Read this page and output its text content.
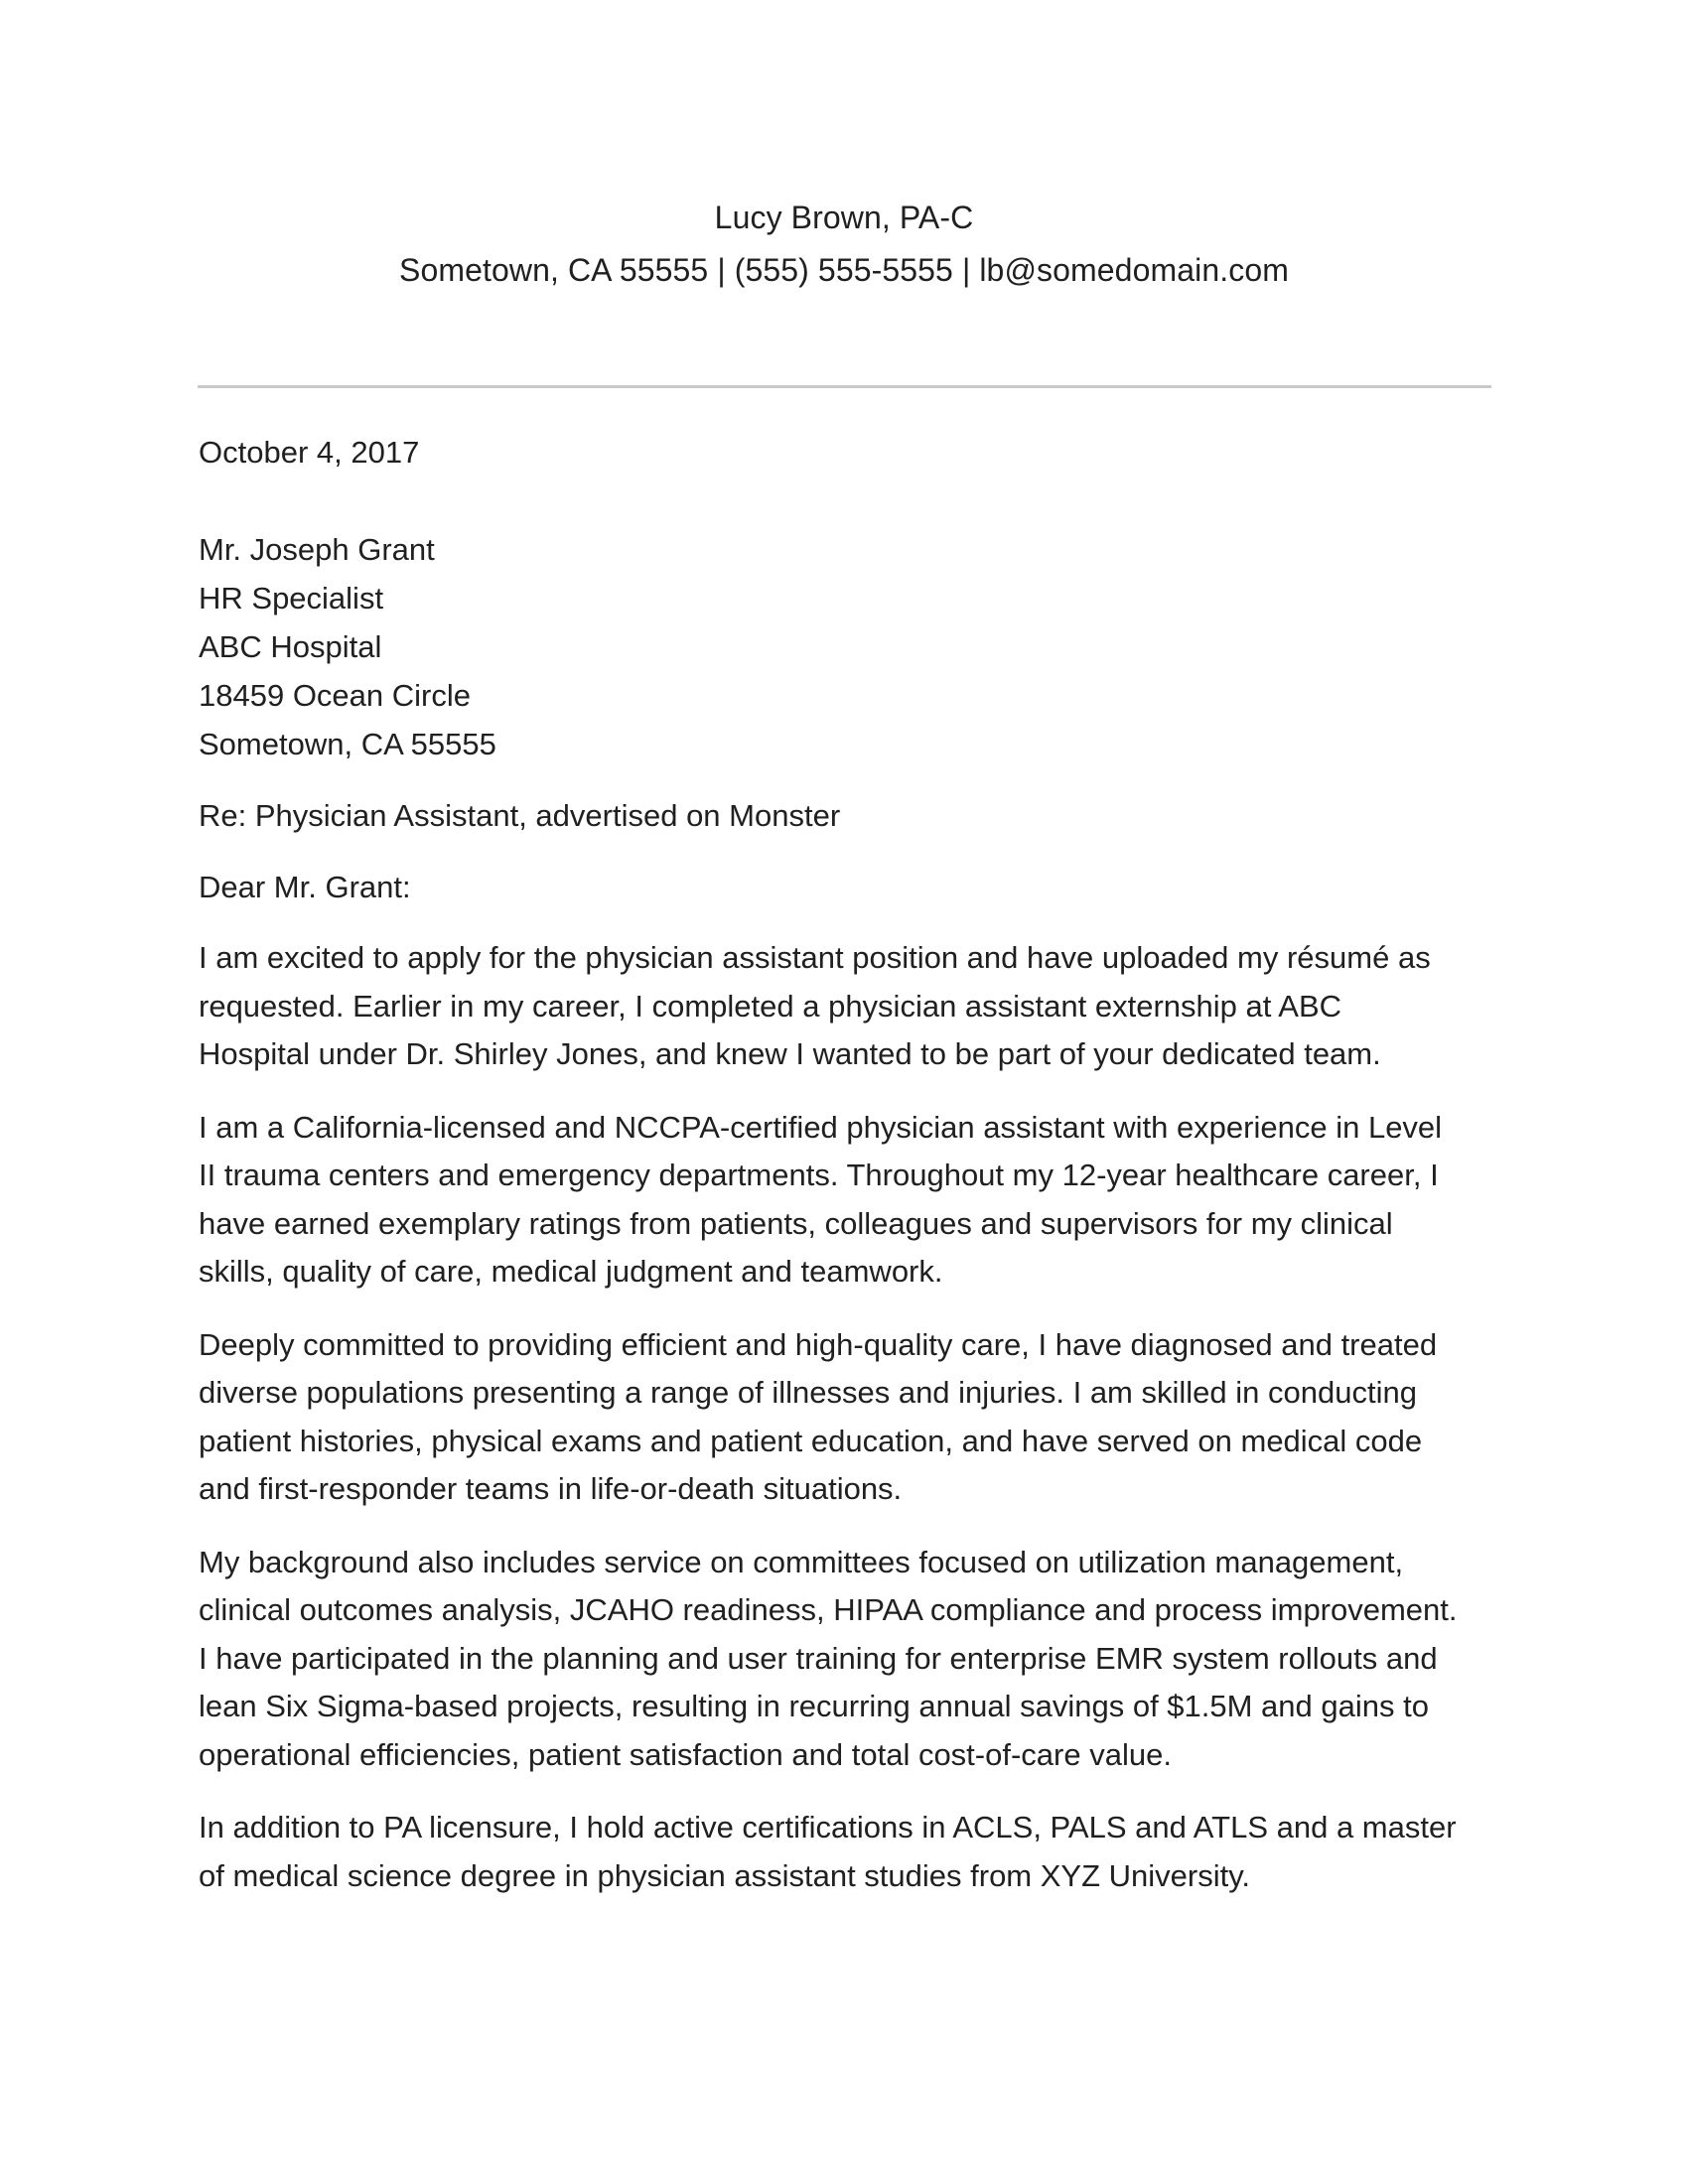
Lucy Brown, PA-C
Sometown, CA 55555 | (555) 555-5555 | lb@somedomain.com
October 4, 2017
Mr. Joseph Grant
HR Specialist
ABC Hospital
18459 Ocean Circle
Sometown, CA 55555
Re: Physician Assistant, advertised on Monster
Dear Mr. Grant:

I am excited to apply for the physician assistant position and have uploaded my résumé as requested. Earlier in my career, I completed a physician assistant externship at ABC Hospital under Dr. Shirley Jones, and knew I wanted to be part of your dedicated team.

I am a California-licensed and NCCPA-certified physician assistant with experience in Level II trauma centers and emergency departments. Throughout my 12-year healthcare career, I have earned exemplary ratings from patients, colleagues and supervisors for my clinical skills, quality of care, medical judgment and teamwork.

Deeply committed to providing efficient and high-quality care, I have diagnosed and treated diverse populations presenting a range of illnesses and injuries. I am skilled in conducting patient histories, physical exams and patient education, and have served on medical code and first-responder teams in life-or-death situations.

My background also includes service on committees focused on utilization management, clinical outcomes analysis, JCAHO readiness, HIPAA compliance and process improvement. I have participated in the planning and user training for enterprise EMR system rollouts and lean Six Sigma-based projects, resulting in recurring annual savings of $1.5M and gains to operational efficiencies, patient satisfaction and total cost-of-care value.

In addition to PA licensure, I hold active certifications in ACLS, PALS and ATLS and a master of medical science degree in physician assistant studies from XYZ University.
